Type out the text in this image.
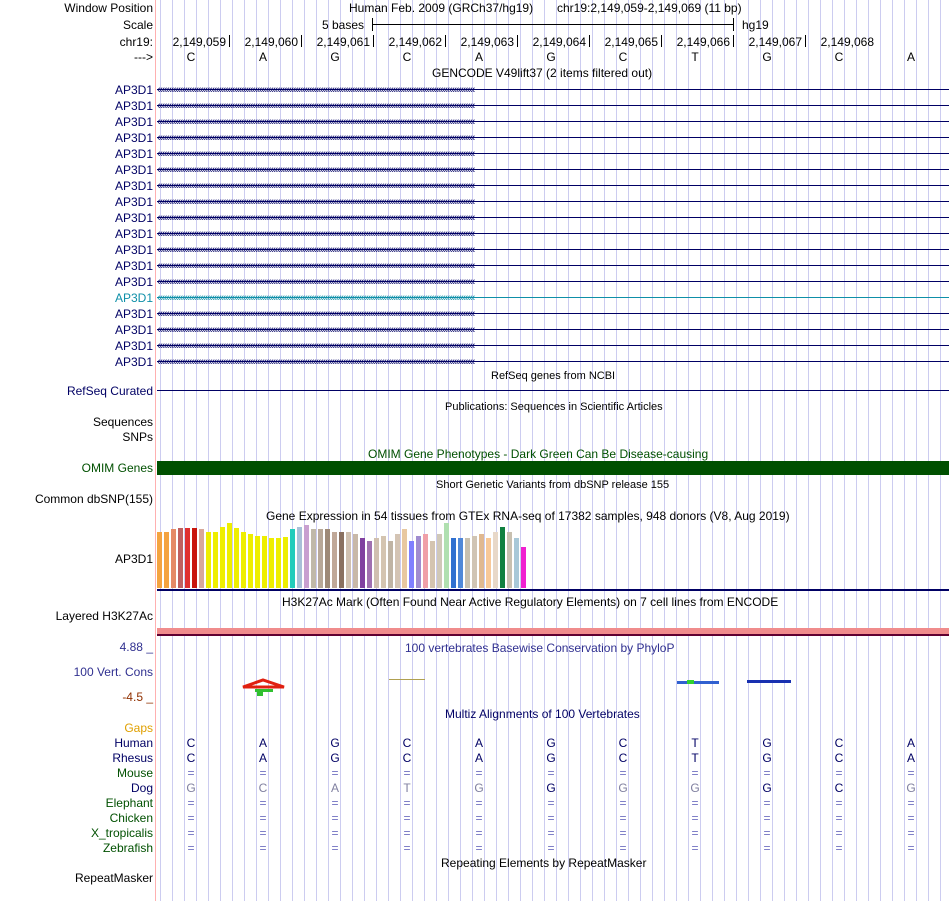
Window Position	Human Feb. 2009 (GRCh37/hg19) chr19:2,149,059-2,149,069 (11 bp)
Scale	5 bases	hg19
chr19:	2,149,059	2,149,060	2,149,061	2,149,062	2,149,063	2,149,064	2,149,065	2,149,066	2,149,067	2,149,068
--->	C	A	G	C	A	G	C	T	G	C	A
GENCODE V49lift37 (2 items filtered out)
AP3D1 ‹‹‹‹‹‹‹‹‹‹‹‹‹‹‹‹‹‹‹‹‹‹‹‹‹‹‹‹‹‹‹‹‹‹‹‹‹‹‹‹‹‹‹‹‹‹‹‹‹‹‹‹‹‹‹‹‹‹‹‹‹‹‹‹‹‹‹‹‹‹‹‹‹‹‹‹‹‹‹‹‹‹‹‹‹‹‹‹‹‹‹‹‹‹‹‹‹‹‹‹‹‹‹‹‹‹‹‹‹‹‹‹‹‹‹‹‹‹‹‹‹‹‹‹‹‹‹‹‹‹‹‹‹‹‹‹‹‹‹‹
AP3D1 ‹‹‹‹‹‹‹‹‹‹‹‹‹‹‹‹‹‹‹‹‹‹‹‹‹‹‹‹‹‹‹‹‹‹‹‹‹‹‹‹‹‹‹‹‹‹‹‹‹‹‹‹‹‹‹‹‹‹‹‹‹‹‹‹‹‹‹‹‹‹‹‹‹‹‹‹‹‹‹‹‹‹‹‹‹‹‹‹‹‹‹‹‹‹‹‹‹‹‹‹‹‹‹‹‹‹‹‹‹‹‹‹‹‹‹‹‹‹‹‹‹‹‹‹‹‹‹‹‹‹‹‹‹‹‹‹‹‹‹‹
AP3D1 ‹‹‹‹‹‹‹‹‹‹‹‹‹‹‹‹‹‹‹‹‹‹‹‹‹‹‹‹‹‹‹‹‹‹‹‹‹‹‹‹‹‹‹‹‹‹‹‹‹‹‹‹‹‹‹‹‹‹‹‹‹‹‹‹‹‹‹‹‹‹‹‹‹‹‹‹‹‹‹‹‹‹‹‹‹‹‹‹‹‹‹‹‹‹‹‹‹‹‹‹‹‹‹‹‹‹‹‹‹‹‹‹‹‹‹‹‹‹‹‹‹‹‹‹‹‹‹‹‹‹‹‹‹‹‹‹‹‹‹‹
AP3D1 ‹‹‹‹‹‹‹‹‹‹‹‹‹‹‹‹‹‹‹‹‹‹‹‹‹‹‹‹‹‹‹‹‹‹‹‹‹‹‹‹‹‹‹‹‹‹‹‹‹‹‹‹‹‹‹‹‹‹‹‹‹‹‹‹‹‹‹‹‹‹‹‹‹‹‹‹‹‹‹‹‹‹‹‹‹‹‹‹‹‹‹‹‹‹‹‹‹‹‹‹‹‹‹‹‹‹‹‹‹‹‹‹‹‹‹‹‹‹‹‹‹‹‹‹‹‹‹‹‹‹‹‹‹‹‹‹‹‹‹‹
AP3D1 ‹‹‹‹‹‹‹‹‹‹‹‹‹‹‹‹‹‹‹‹‹‹‹‹‹‹‹‹‹‹‹‹‹‹‹‹‹‹‹‹‹‹‹‹‹‹‹‹‹‹‹‹‹‹‹‹‹‹‹‹‹‹‹‹‹‹‹‹‹‹‹‹‹‹‹‹‹‹‹‹‹‹‹‹‹‹‹‹‹‹‹‹‹‹‹‹‹‹‹‹‹‹‹‹‹‹‹‹‹‹‹‹‹‹‹‹‹‹‹‹‹‹‹‹‹‹‹‹‹‹‹‹‹‹‹‹‹‹‹‹
AP3D1 ‹‹‹‹‹‹‹‹‹‹‹‹‹‹‹‹‹‹‹‹‹‹‹‹‹‹‹‹‹‹‹‹‹‹‹‹‹‹‹‹‹‹‹‹‹‹‹‹‹‹‹‹‹‹‹‹‹‹‹‹‹‹‹‹‹‹‹‹‹‹‹‹‹‹‹‹‹‹‹‹‹‹‹‹‹‹‹‹‹‹‹‹‹‹‹‹‹‹‹‹‹‹‹‹‹‹‹‹‹‹‹‹‹‹‹‹‹‹‹‹‹‹‹‹‹‹‹‹‹‹‹‹‹‹‹‹‹‹‹‹
AP3D1 ‹‹‹‹‹‹‹‹‹‹‹‹‹‹‹‹‹‹‹‹‹‹‹‹‹‹‹‹‹‹‹‹‹‹‹‹‹‹‹‹‹‹‹‹‹‹‹‹‹‹‹‹‹‹‹‹‹‹‹‹‹‹‹‹‹‹‹‹‹‹‹‹‹‹‹‹‹‹‹‹‹‹‹‹‹‹‹‹‹‹‹‹‹‹‹‹‹‹‹‹‹‹‹‹‹‹‹‹‹‹‹‹‹‹‹‹‹‹‹‹‹‹‹‹‹‹‹‹‹‹‹‹‹‹‹‹‹‹‹‹
AP3D1 ‹‹‹‹‹‹‹‹‹‹‹‹‹‹‹‹‹‹‹‹‹‹‹‹‹‹‹‹‹‹‹‹‹‹‹‹‹‹‹‹‹‹‹‹‹‹‹‹‹‹‹‹‹‹‹‹‹‹‹‹‹‹‹‹‹‹‹‹‹‹‹‹‹‹‹‹‹‹‹‹‹‹‹‹‹‹‹‹‹‹‹‹‹‹‹‹‹‹‹‹‹‹‹‹‹‹‹‹‹‹‹‹‹‹‹‹‹‹‹‹‹‹‹‹‹‹‹‹‹‹‹‹‹‹‹‹‹‹‹‹
AP3D1 ‹‹‹‹‹‹‹‹‹‹‹‹‹‹‹‹‹‹‹‹‹‹‹‹‹‹‹‹‹‹‹‹‹‹‹‹‹‹‹‹‹‹‹‹‹‹‹‹‹‹‹‹‹‹‹‹‹‹‹‹‹‹‹‹‹‹‹‹‹‹‹‹‹‹‹‹‹‹‹‹‹‹‹‹‹‹‹‹‹‹‹‹‹‹‹‹‹‹‹‹‹‹‹‹‹‹‹‹‹‹‹‹‹‹‹‹‹‹‹‹‹‹‹‹‹‹‹‹‹‹‹‹‹‹‹‹‹‹‹‹
AP3D1 ‹‹‹‹‹‹‹‹‹‹‹‹‹‹‹‹‹‹‹‹‹‹‹‹‹‹‹‹‹‹‹‹‹‹‹‹‹‹‹‹‹‹‹‹‹‹‹‹‹‹‹‹‹‹‹‹‹‹‹‹‹‹‹‹‹‹‹‹‹‹‹‹‹‹‹‹‹‹‹‹‹‹‹‹‹‹‹‹‹‹‹‹‹‹‹‹‹‹‹‹‹‹‹‹‹‹‹‹‹‹‹‹‹‹‹‹‹‹‹‹‹‹‹‹‹‹‹‹‹‹‹‹‹‹‹‹‹‹‹‹
AP3D1 ‹‹‹‹‹‹‹‹‹‹‹‹‹‹‹‹‹‹‹‹‹‹‹‹‹‹‹‹‹‹‹‹‹‹‹‹‹‹‹‹‹‹‹‹‹‹‹‹‹‹‹‹‹‹‹‹‹‹‹‹‹‹‹‹‹‹‹‹‹‹‹‹‹‹‹‹‹‹‹‹‹‹‹‹‹‹‹‹‹‹‹‹‹‹‹‹‹‹‹‹‹‹‹‹‹‹‹‹‹‹‹‹‹‹‹‹‹‹‹‹‹‹‹‹‹‹‹‹‹‹‹‹‹‹‹‹‹‹‹‹
AP3D1 ‹‹‹‹‹‹‹‹‹‹‹‹‹‹‹‹‹‹‹‹‹‹‹‹‹‹‹‹‹‹‹‹‹‹‹‹‹‹‹‹‹‹‹‹‹‹‹‹‹‹‹‹‹‹‹‹‹‹‹‹‹‹‹‹‹‹‹‹‹‹‹‹‹‹‹‹‹‹‹‹‹‹‹‹‹‹‹‹‹‹‹‹‹‹‹‹‹‹‹‹‹‹‹‹‹‹‹‹‹‹‹‹‹‹‹‹‹‹‹‹‹‹‹‹‹‹‹‹‹‹‹‹‹‹‹‹‹‹‹‹
AP3D1 ‹‹‹‹‹‹‹‹‹‹‹‹‹‹‹‹‹‹‹‹‹‹‹‹‹‹‹‹‹‹‹‹‹‹‹‹‹‹‹‹‹‹‹‹‹‹‹‹‹‹‹‹‹‹‹‹‹‹‹‹‹‹‹‹‹‹‹‹‹‹‹‹‹‹‹‹‹‹‹‹‹‹‹‹‹‹‹‹‹‹‹‹‹‹‹‹‹‹‹‹‹‹‹‹‹‹‹‹‹‹‹‹‹‹‹‹‹‹‹‹‹‹‹‹‹‹‹‹‹‹‹‹‹‹‹‹‹‹‹‹
AP3D1 ‹‹‹‹‹‹‹‹‹‹‹‹‹‹‹‹‹‹‹‹‹‹‹‹‹‹‹‹‹‹‹‹‹‹‹‹‹‹‹‹‹‹‹‹‹‹‹‹‹‹‹‹‹‹‹‹‹‹‹‹‹‹‹‹‹‹‹‹‹‹‹‹‹‹‹‹‹‹‹‹‹‹‹‹‹‹‹‹‹‹‹‹‹‹‹‹‹‹‹‹‹‹‹‹‹‹‹‹‹‹‹‹‹‹‹‹‹‹‹‹‹‹‹‹‹‹‹‹‹‹‹‹‹‹‹‹‹‹‹‹
AP3D1 ‹‹‹‹‹‹‹‹‹‹‹‹‹‹‹‹‹‹‹‹‹‹‹‹‹‹‹‹‹‹‹‹‹‹‹‹‹‹‹‹‹‹‹‹‹‹‹‹‹‹‹‹‹‹‹‹‹‹‹‹‹‹‹‹‹‹‹‹‹‹‹‹‹‹‹‹‹‹‹‹‹‹‹‹‹‹‹‹‹‹‹‹‹‹‹‹‹‹‹‹‹‹‹‹‹‹‹‹‹‹‹‹‹‹‹‹‹‹‹‹‹‹‹‹‹‹‹‹‹‹‹‹‹‹‹‹‹‹‹‹
AP3D1 ‹‹‹‹‹‹‹‹‹‹‹‹‹‹‹‹‹‹‹‹‹‹‹‹‹‹‹‹‹‹‹‹‹‹‹‹‹‹‹‹‹‹‹‹‹‹‹‹‹‹‹‹‹‹‹‹‹‹‹‹‹‹‹‹‹‹‹‹‹‹‹‹‹‹‹‹‹‹‹‹‹‹‹‹‹‹‹‹‹‹‹‹‹‹‹‹‹‹‹‹‹‹‹‹‹‹‹‹‹‹‹‹‹‹‹‹‹‹‹‹‹‹‹‹‹‹‹‹‹‹‹‹‹‹‹‹‹‹‹‹
AP3D1 ‹‹‹‹‹‹‹‹‹‹‹‹‹‹‹‹‹‹‹‹‹‹‹‹‹‹‹‹‹‹‹‹‹‹‹‹‹‹‹‹‹‹‹‹‹‹‹‹‹‹‹‹‹‹‹‹‹‹‹‹‹‹‹‹‹‹‹‹‹‹‹‹‹‹‹‹‹‹‹‹‹‹‹‹‹‹‹‹‹‹‹‹‹‹‹‹‹‹‹‹‹‹‹‹‹‹‹‹‹‹‹‹‹‹‹‹‹‹‹‹‹‹‹‹‹‹‹‹‹‹‹‹‹‹‹‹‹‹‹‹
AP3D1 ‹‹‹‹‹‹‹‹‹‹‹‹‹‹‹‹‹‹‹‹‹‹‹‹‹‹‹‹‹‹‹‹‹‹‹‹‹‹‹‹‹‹‹‹‹‹‹‹‹‹‹‹‹‹‹‹‹‹‹‹‹‹‹‹‹‹‹‹‹‹‹‹‹‹‹‹‹‹‹‹‹‹‹‹‹‹‹‹‹‹‹‹‹‹‹‹‹‹‹‹‹‹‹‹‹‹‹‹‹‹‹‹‹‹‹‹‹‹‹‹‹‹‹‹‹‹‹‹‹‹‹‹‹‹‹‹‹‹‹‹
RefSeq genes from NCBI
RefSeq Curated
Publications: Sequences in Scientific Articles
Sequences
SNPs
OMIM Gene Phenotypes - Dark Green Can Be Disease-causing
OMIM Genes
Short Genetic Variants from dbSNP release 155
Common dbSNP(155)
Gene Expression in 54 tissues from GTEx RNA-seq of 17382 samples, 948 donors (V8, Aug 2019)
AP3D1
H3K27Ac Mark (Often Found Near Active Regulatory Elements) on 7 cell lines from ENCODE
Layered H3K27Ac
100 vertebrates Basewise Conservation by PhyloP
4.88 _
100 Vert. Cons
-4.5 _
Multiz Alignments of 100 Vertebrates
Gaps
Human	C	A	G	C	A	G	C	T	G	C	A
Rhesus	C	A	G	C	A	G	C	T	G	C	A
Mouse	=	=	=	=	=	=	=	=	=	=	=
Dog	G	C	A	T	G	G	G	G	G	C	G
Elephant	=	=	=	=	=	=	=	=	=	=	=
Chicken	=	=	=	=	=	=	=	=	=	=	=
X_tropicalis	=	=	=	=	=	=	=	=	=	=	=
Zebrafish	=	=	=	=	=	=	=	=	=	=	=
Repeating Elements by RepeatMasker
RepeatMasker
